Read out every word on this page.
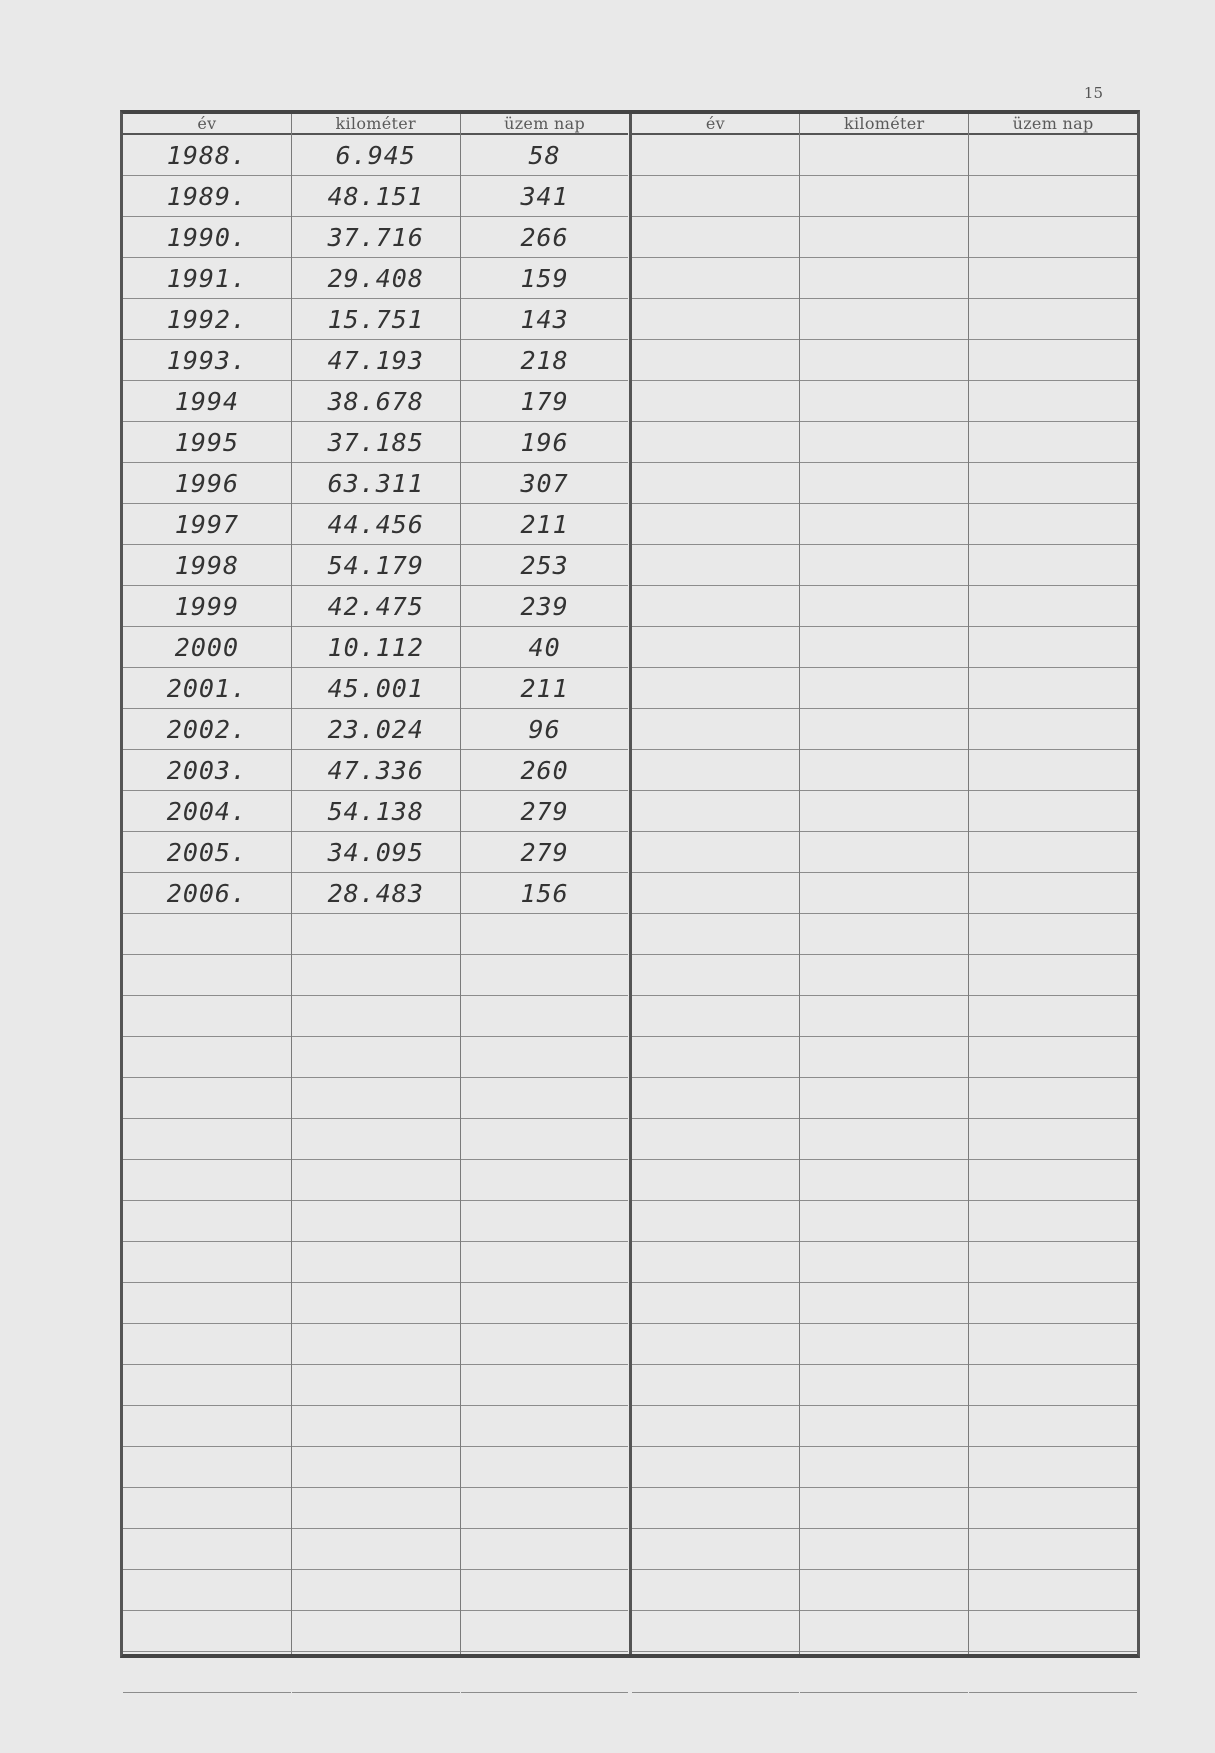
15
év
1988.
1989.
1990.
1991.
1992.
1993.
1994
1995
1996
1997
1998
1999
2000
2001.
2002.
2003.
2004.
2005.
2006.
kilométer
6.945
48.151
37.716
29.408
15.751
47.193
38.678
37.185
63.311
44.456
54.179
42.475
10.112
45.001
23.024
47.336
54.138
34.095
28.483
üzem nap
58
341
266
159
143
218
179
196
307
211
253
239
40
211
96
260
279
279
156
év	kilométer	üzem nap
